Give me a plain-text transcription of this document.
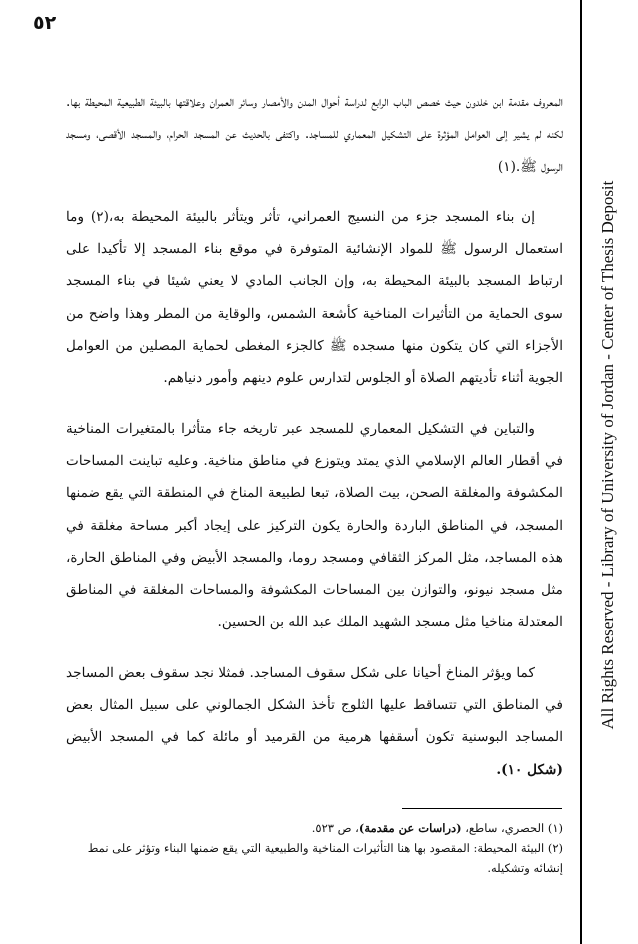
٥٢
All Rights Reserved - Library of University of Jordan - Center of Thesis Deposit

المعروف مقدمة ابن خلدون حيث خصص الباب الرابع لدراسة أحوال المدن والأمصار وسائر العمران وعلاقتها بالبيئة الطبيعية المحيطة بها. لكنه لم يشير إلى العوامل المؤثرة على التشكيل المعماري للمساجد. واكتفى بالحديث عن المسجد الحرام، والمسجد الأقصى، ومسجد الرسول ﷺ.(١)

إن بناء المسجد جزء من النسيج العمراني، تأثر ويتأثر بالبيئة المحيطة به،(٢) وما استعمال الرسول ﷺ للمواد الإنشائية المتوفرة في موقع بناء المسجد إلا تأكيدا على ارتباط المسجد بالبيئة المحيطة به، وإن الجانب المادي لا يعني شيئا في بناء المسجد سوى الحماية من التأثيرات المناخية كأشعة الشمس، والوقاية من المطر وهذا واضح من الأجزاء التي كان يتكون منها مسجده ﷺ كالجزء المغطى لحماية المصلين من العوامل الجوية أثناء تأديتهم الصلاة أو الجلوس لتدارس علوم دينهم وأمور دنياهم.

والتباين في التشكيل المعماري للمسجد عبر تاريخه جاء متأثرا بالمتغيرات المناخية في أقطار العالم الإسلامي الذي يمتد ويتوزع في مناطق مناخية. وعليه تباينت المساحات المكشوفة والمغلقة الصحن، بيت الصلاة، تبعا لطبيعة المناخ في المنطقة التي يقع ضمنها المسجد، في المناطق الباردة والحارة يكون التركيز على إيجاد أكبر مساحة مغلقة في هذه المساجد، مثل المركز الثقافي ومسجد روما، والمسجد الأبيض وفي المناطق الحارة، مثل مسجد نيونو، والتوازن بين المساحات المكشوفة والمساحات المغلقة في المناطق المعتدلة مناخيا مثل مسجد الشهيد الملك عبد الله بن الحسين.

كما ويؤثر المناخ أحيانا على شكل سقوف المساجد. فمثلا نجد سقوف بعض المساجد في المناطق التي تتساقط عليها الثلوج تأخذ الشكل الجمالوني على سبيل المثال بعض المساجد البوسنية تكون أسقفها هرمية من القرميد أو مائلة كما في المسجد الأبيض (شكل ١٠).

(١) الحصري، ساطع، (دراسات عن مقدمة)، ص ٥٢٣.

(٢) البيئة المحيطة: المقصود بها هنا التأثيرات المناخية والطبيعية التي يقع ضمنها البناء وتؤثر على نمط إنشائه وتشكيله.
